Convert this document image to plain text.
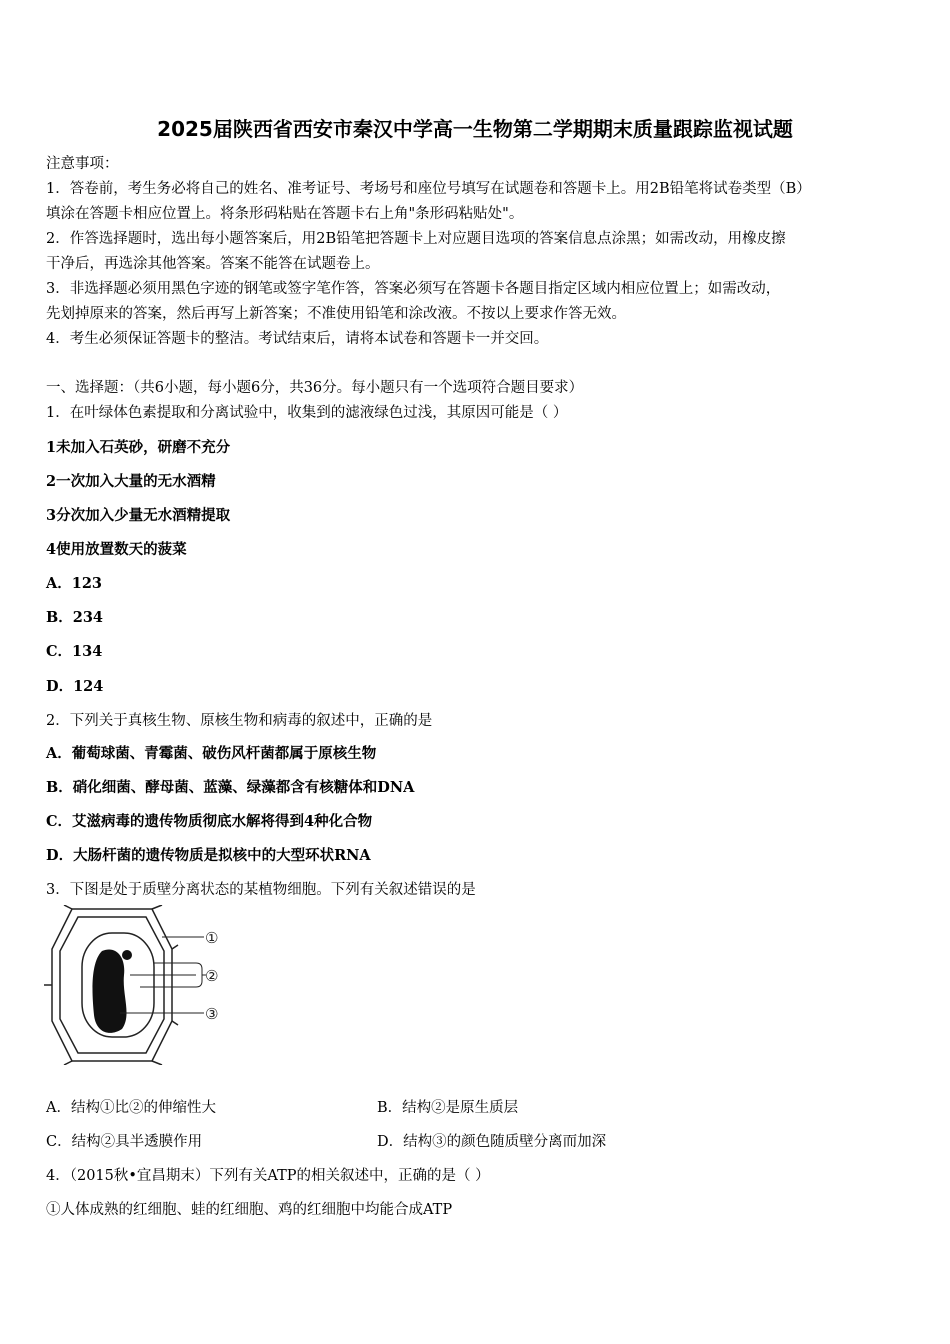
2025届陕西省西安市秦汉中学高一生物第二学期期末质量跟踪监视试题
注意事项：
1．答卷前，考生务必将自己的姓名、准考证号、考场号和座位号填写在试题卷和答题卡上。用2B铅笔将试卷类型（B）
填涂在答题卡相应位置上。将条形码粘贴在答题卡右上角"条形码粘贴处"。
2．作答选择题时，选出每小题答案后，用2B铅笔把答题卡上对应题目选项的答案信息点涂黑；如需改动，用橡皮擦
干净后，再选涂其他答案。答案不能答在试题卷上。
3．非选择题必须用黑色字迹的钢笔或签字笔作答，答案必须写在答题卡各题目指定区域内相应位置上；如需改动，
先划掉原来的答案，然后再写上新答案；不准使用铅笔和涂改液。不按以上要求作答无效。
4．考生必须保证答题卡的整洁。考试结束后，请将本试卷和答题卡一并交回。
一、选择题：（共6小题，每小题6分，共36分。每小题只有一个选项符合题目要求）
1．在叶绿体色素提取和分离试验中，收集到的滤液绿色过浅，其原因可能是（ ）
1未加入石英砂，研磨不充分
2一次加入大量的无水酒精
3分次加入少量无水酒精提取
4使用放置数天的菠菜
A．123
B．234
C．134
D．124
2．下列关于真核生物、原核生物和病毒的叙述中，正确的是
A．葡萄球菌、青霉菌、破伤风杆菌都属于原核生物
B．硝化细菌、酵母菌、蓝藻、绿藻都含有核糖体和DNA
C．艾滋病毒的遗传物质彻底水解将得到4种化合物
D．大肠杆菌的遗传物质是拟核中的大型环状RNA
3．下图是处于质壁分离状态的某植物细胞。下列有关叙述错误的是
①
②
③
A．结构①比②的伸缩性大	B．结构②是原生质层
C．结构②具半透膜作用	D．结构③的颜色随质壁分离而加深
4．（2015秋•宜昌期末）下列有关ATP的相关叙述中，正确的是（ ）
①人体成熟的红细胞、蛙的红细胞、鸡的红细胞中均能合成ATP
